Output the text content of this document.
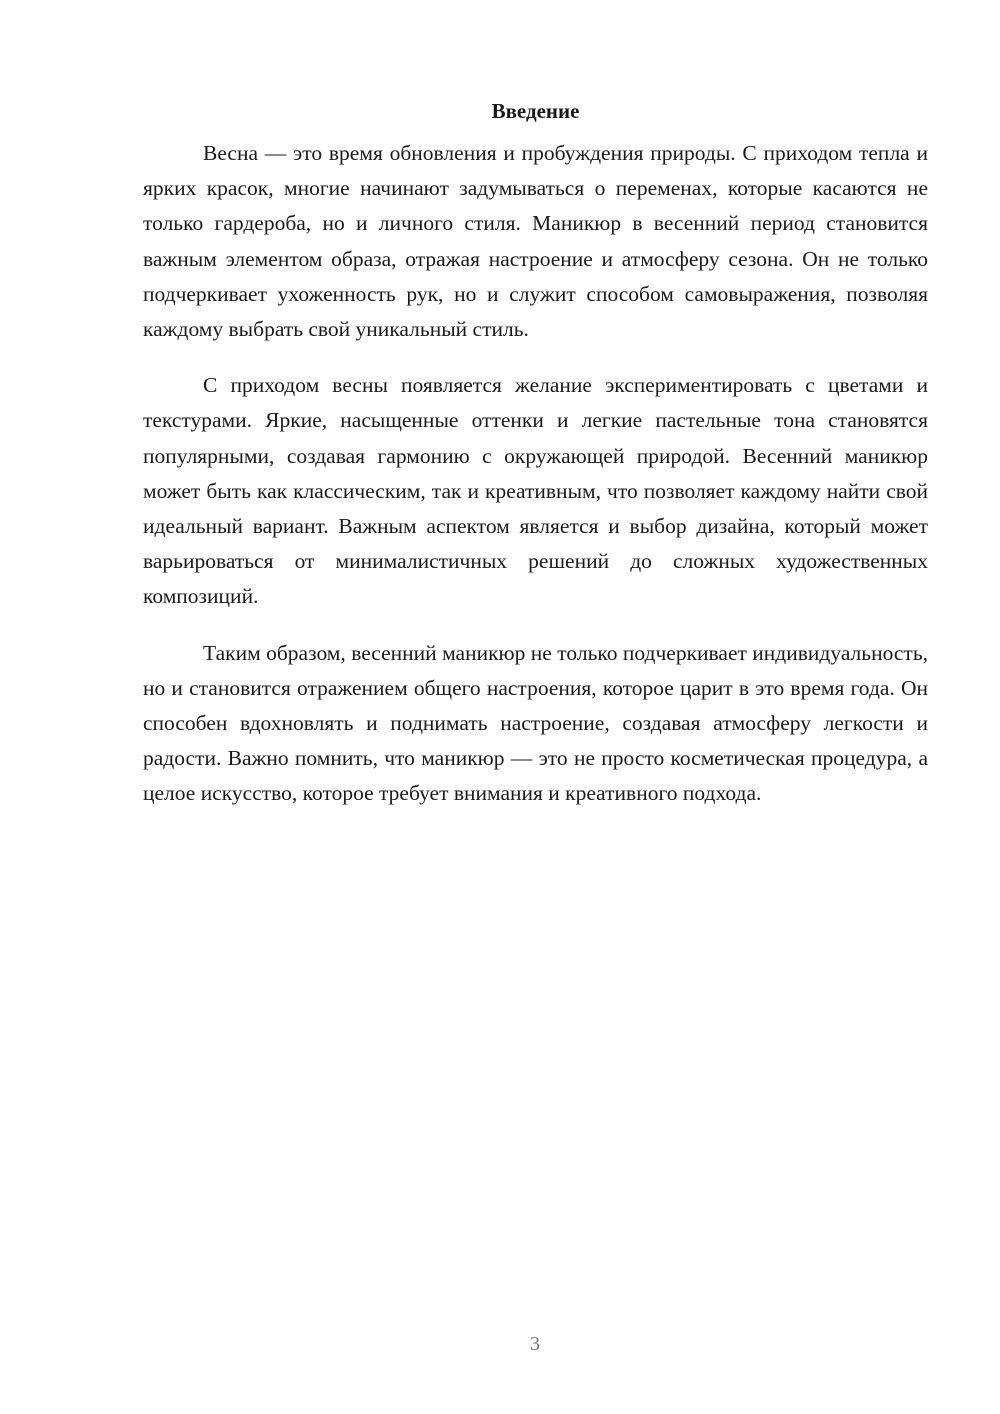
Введение

Весна — это время обновления и пробуждения природы. С приходом тепла и ярких красок, многие начинают задумываться о переменах, которые касаются не только гардероба, но и личного стиля. Маникюр в весенний период становится важным элементом образа, отражая настроение и атмосферу сезона. Он не только подчеркивает ухоженность рук, но и служит способом самовыражения, позволяя каждому выбрать свой уникальный стиль.

С приходом весны появляется желание экспериментировать с цветами и текстурами. Яркие, насыщенные оттенки и легкие пастельные тона становятся популярными, создавая гармонию с окружающей природой. Весенний маникюр может быть как классическим, так и креативным, что позволяет каждому найти свой идеальный вариант. Важным аспектом является и выбор дизайна, который может варьироваться от минималистичных решений до сложных художественных композиций.

Таким образом, весенний маникюр не только подчеркивает индивидуальность, но и становится отражением общего настроения, которое царит в это время года. Он способен вдохновлять и поднимать настроение, создавая атмосферу легкости и радости. Важно помнить, что маникюр — это не просто косметическая процедура, а целое искусство, которое требует внимания и креативного подхода.

3
